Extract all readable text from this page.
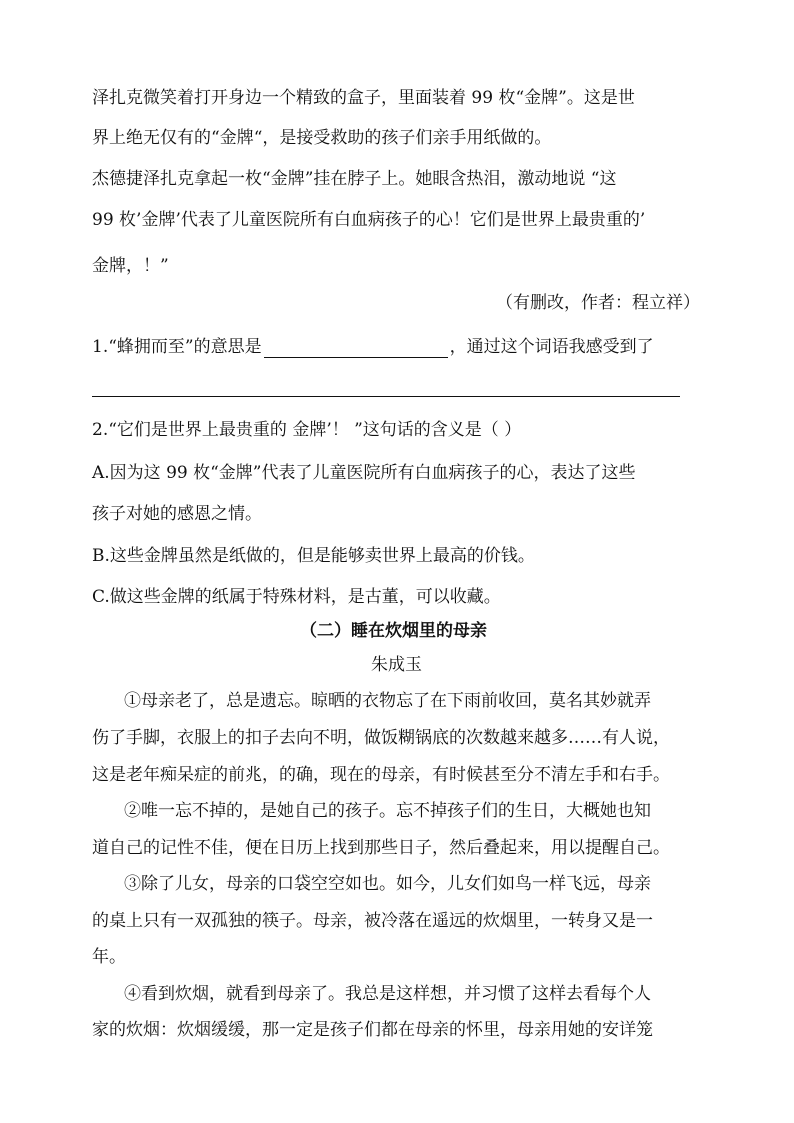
泽扎克微笑着打开身边一个精致的盒子，里面装着 99 枚“金牌”。这是世
界上绝无仅有的“金牌“，是接受救助的孩子们亲手用纸做的。
杰德捷泽扎克拿起一枚“金牌”挂在脖子上。她眼含热泪，激动地说 “这
99 枚’金牌’代表了儿童医院所有白血病孩子的心！它们是世界上最贵重的’
金牌，！”
（有删改，作者：程立祥）
1.“蜂拥而至”的意思是	，通过这个词语我感受到了
2.“它们是世界上最贵重的 金牌’！ ”这句话的含义是（ ）
A.因为这 99 枚“金牌”代表了儿童医院所有白血病孩子的心，表达了这些
孩子对她的感恩之情。
B.这些金牌虽然是纸做的，但是能够卖世界上最高的价钱。
C.做这些金牌的纸属于特殊材料，是古董，可以收藏。
（二）睡在炊烟里的母亲
朱成玉
①母亲老了，总是遗忘。晾晒的衣物忘了在下雨前收回，莫名其妙就弄
伤了手脚，衣服上的扣子去向不明，做饭糊锅底的次数越来越多……有人说，
这是老年痴呆症的前兆，的确，现在的母亲，有时候甚至分不清左手和右手。
②唯一忘不掉的，是她自己的孩子。忘不掉孩子们的生日，大概她也知
道自己的记性不佳，便在日历上找到那些日子，然后叠起来，用以提醒自己。
③除了儿女，母亲的口袋空空如也。如今，儿女们如鸟一样飞远，母亲
的桌上只有一双孤独的筷子。母亲，被冷落在遥远的炊烟里，一转身又是一
年。
④看到炊烟，就看到母亲了。我总是这样想，并习惯了这样去看每个人
家的炊烟：炊烟缓缓，那一定是孩子们都在母亲的怀里，母亲用她的安详笼
